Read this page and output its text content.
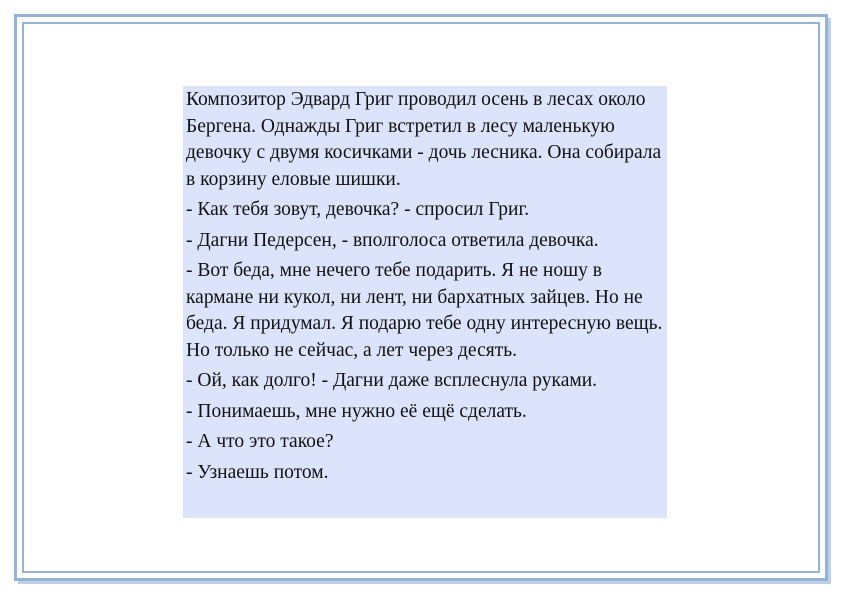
Композитор Эдвард Григ проводил осень в лесах около Бергена. Однажды Григ встретил в лесу маленькую девочку с двумя косичками - дочь лесника. Она собирала в корзину еловые шишки.

- Как тебя зовут, девочка? - спросил Григ.

- Дагни Педерсен, - вполголоса ответила девочка.

- Вот беда, мне нечего тебе подарить. Я не ношу в кармане ни кукол, ни лент, ни бархатных зайцев. Но не беда. Я придумал. Я подарю тебе одну интересную вещь. Но только не сейчас, а лет через десять.

- Ой, как долго! - Дагни даже всплеснула руками.

- Понимаешь, мне нужно её ещё сделать.

- А что это такое?

- Узнаешь потом.
